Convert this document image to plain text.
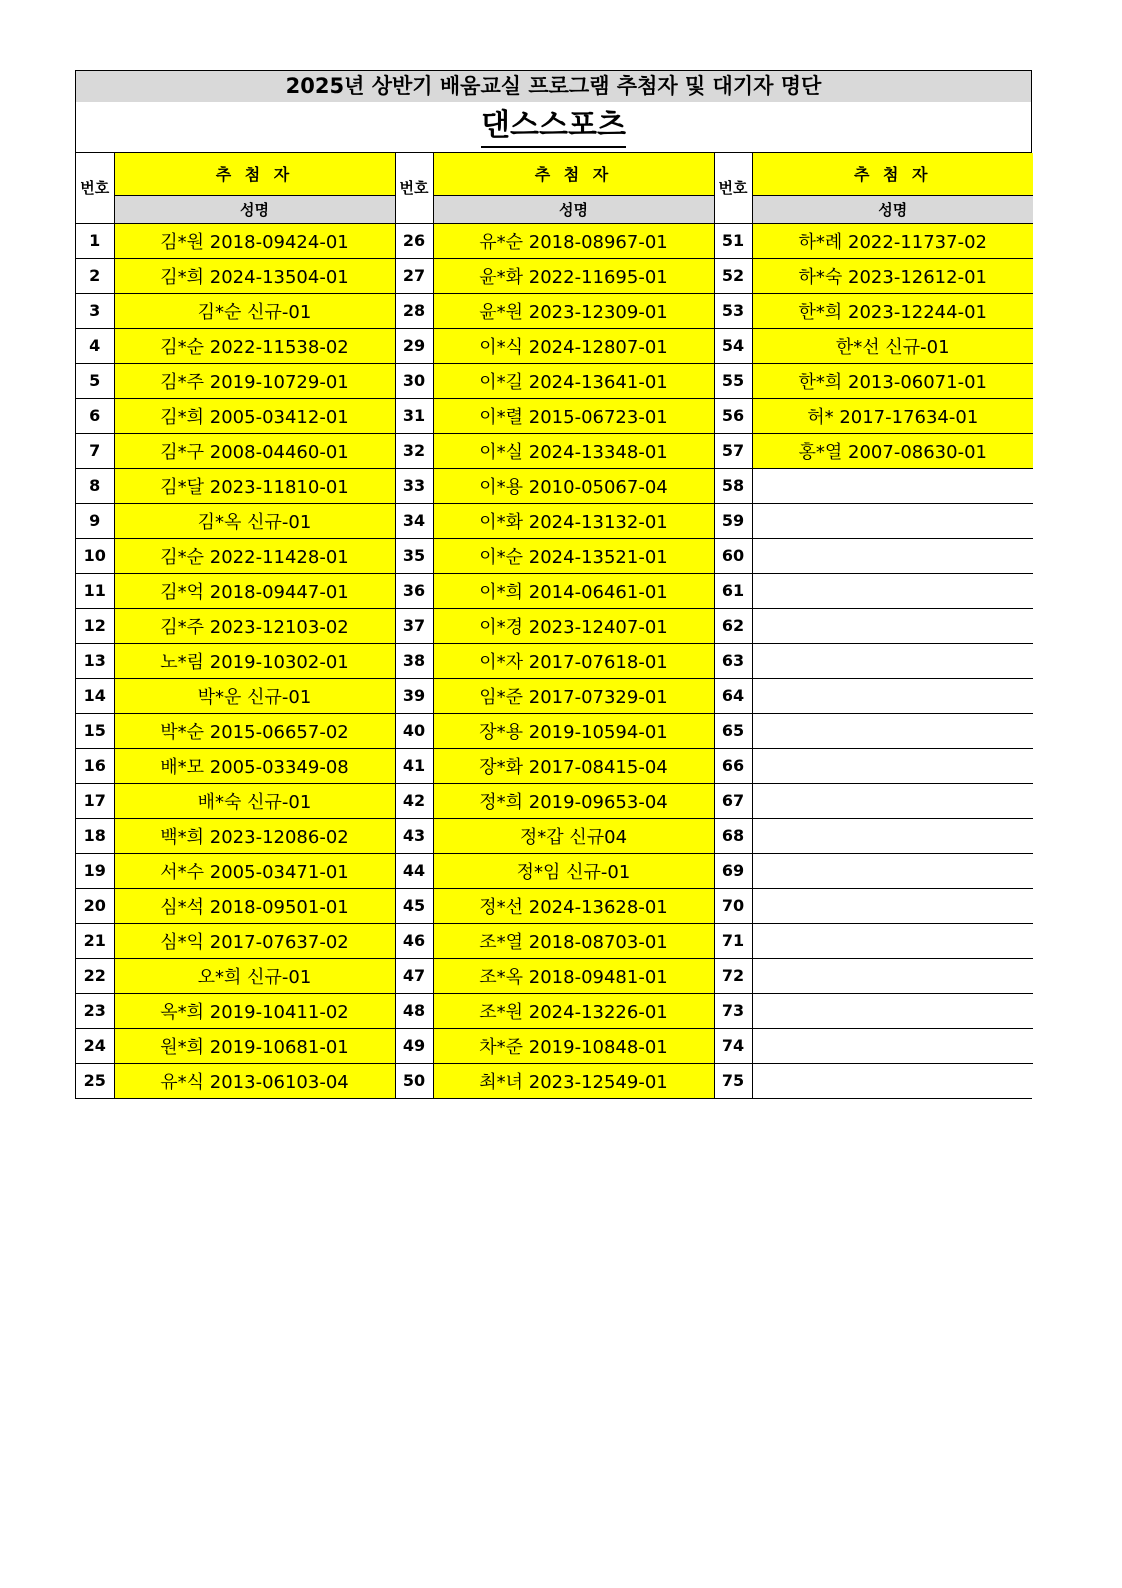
2025년 상반기 배움교실 프로그램 추첨자 및 대기자 명단
댄스스포츠
번호	추 첨 자	번호	추 첨 자	번호	추 첨 자
	성명		성명		성명
1	김*원 2018-09424-01	26	유*순 2018-08967-01	51	하*례 2022-11737-02
2	김*희 2024-13504-01	27	윤*화 2022-11695-01	52	하*숙 2023-12612-01
3	김*순 신규-01	28	윤*원 2023-12309-01	53	한*희 2023-12244-01
4	김*순 2022-11538-02	29	이*식 2024-12807-01	54	한*선 신규-01
5	김*주 2019-10729-01	30	이*길 2024-13641-01	55	한*희 2013-06071-01
6	김*희 2005-03412-01	31	이*렬 2015-06723-01	56	허* 2017-17634-01
7	김*구 2008-04460-01	32	이*실 2024-13348-01	57	홍*열 2007-08630-01
8	김*달 2023-11810-01	33	이*용 2010-05067-04	58	
9	김*옥 신규-01	34	이*화 2024-13132-01	59	
10	김*순 2022-11428-01	35	이*순 2024-13521-01	60	
11	김*억 2018-09447-01	36	이*희 2014-06461-01	61	
12	김*주 2023-12103-02	37	이*경 2023-12407-01	62	
13	노*림 2019-10302-01	38	이*자 2017-07618-01	63	
14	박*운 신규-01	39	임*준 2017-07329-01	64	
15	박*순 2015-06657-02	40	장*용 2019-10594-01	65	
16	배*모 2005-03349-08	41	장*화 2017-08415-04	66	
17	배*숙 신규-01	42	정*희 2019-09653-04	67	
18	백*희 2023-12086-02	43	정*갑 신규04	68	
19	서*수 2005-03471-01	44	정*임 신규-01	69	
20	심*석 2018-09501-01	45	정*선 2024-13628-01	70	
21	심*익 2017-07637-02	46	조*열 2018-08703-01	71	
22	오*희 신규-01	47	조*옥 2018-09481-01	72	
23	옥*희 2019-10411-02	48	조*원 2024-13226-01	73	
24	원*희 2019-10681-01	49	차*준 2019-10848-01	74	
25	유*식 2013-06103-04	50	최*녀 2023-12549-01	75	
